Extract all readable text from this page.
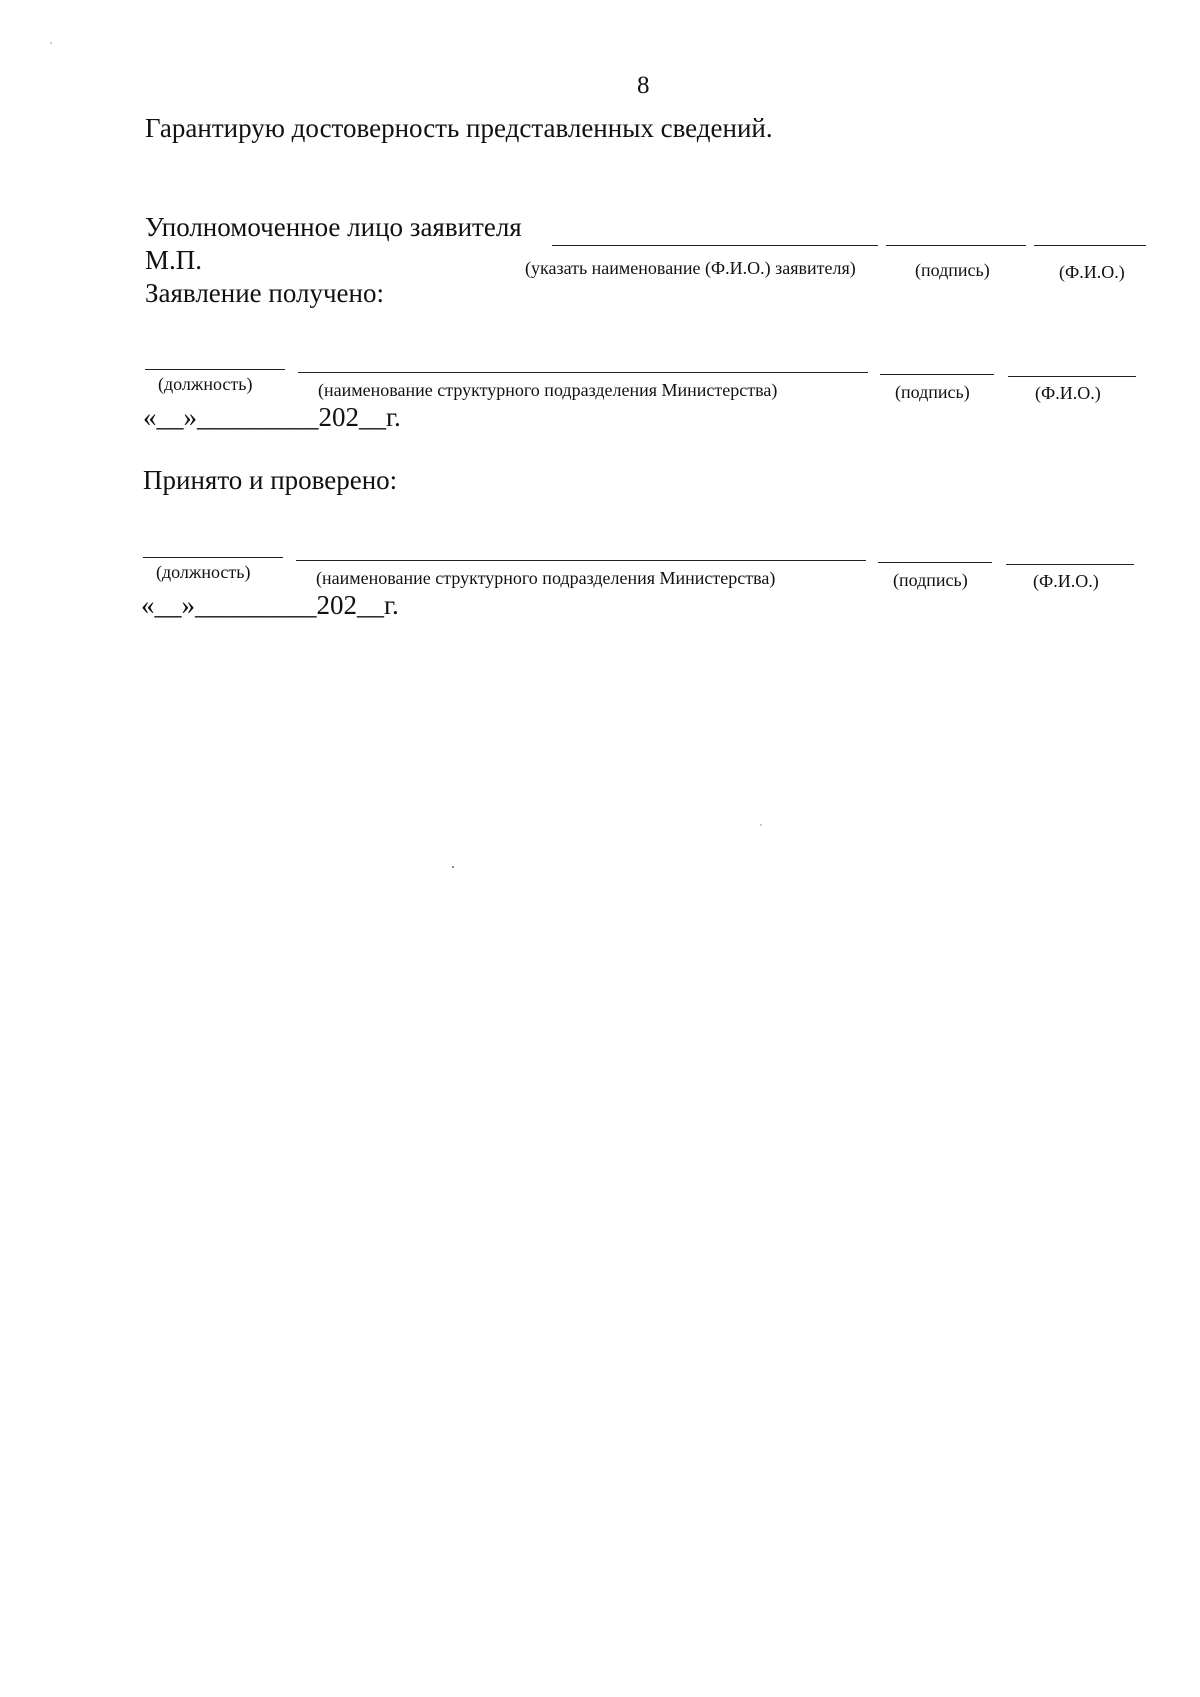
8
Гарантирую достоверность представленных сведений.
Уполномоченное лицо заявителя
М.П.	(указать наименование (Ф.И.О.) заявителя)	(подпись)	(Ф.И.О.)
Заявление получено:
(должность)	(наименование структурного подразделения Министерства)	(подпись)	(Ф.И.О.)
«__»_________202__г.
Принято и проверено:
(должность)	(наименование структурного подразделения Министерства)	(подпись)	(Ф.И.О.)
«__»_________202__г.
